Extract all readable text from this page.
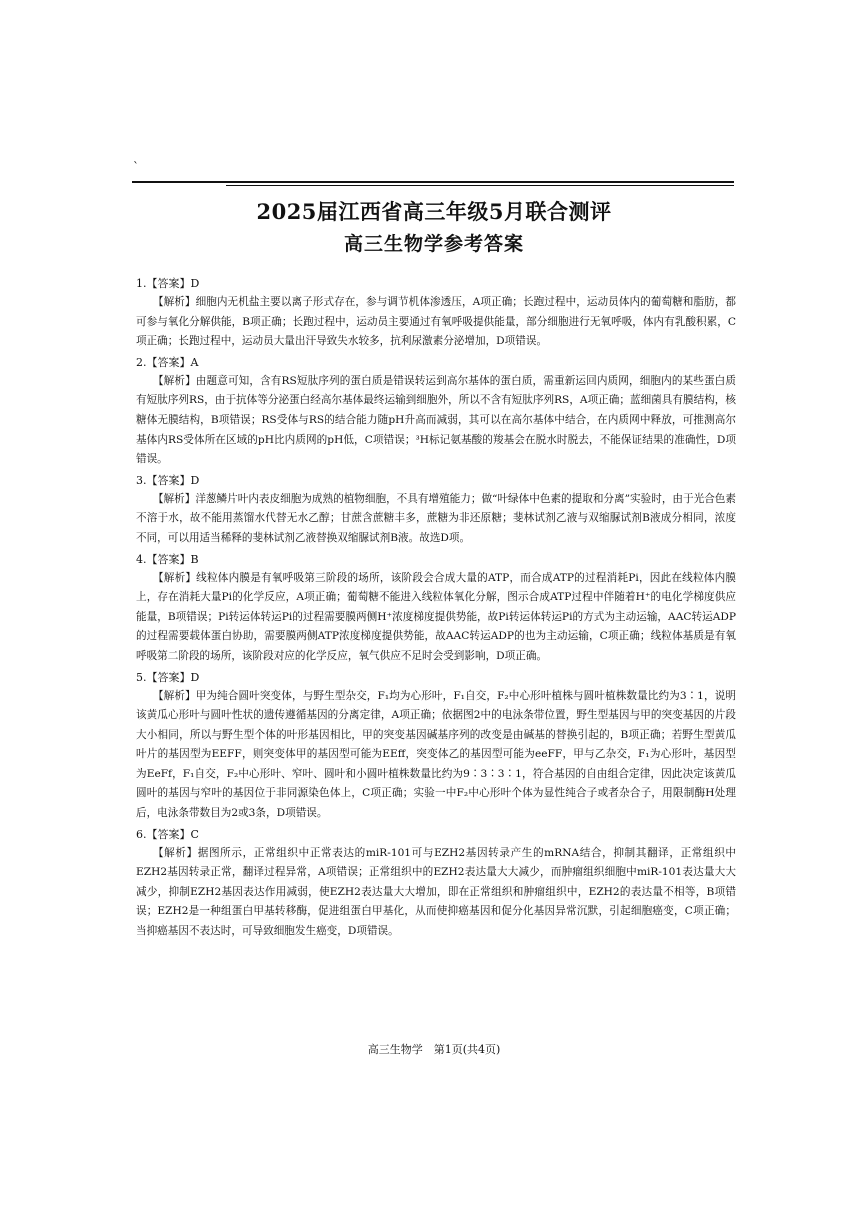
`
2025届江西省高三年级5月联合测评
高三生物学参考答案
1.【答案】D

【解析】细胞内无机盐主要以离子形式存在，参与调节机体渗透压，A项正确；长跑过程中，运动员体内的葡萄糖和脂肪，都可参与氧化分解供能，B项正确；长跑过程中，运动员主要通过有氧呼吸提供能量，部分细胞进行无氧呼吸，体内有乳酸积累，C项正确；长跑过程中，运动员大量出汗导致失水较多，抗利尿激素分泌增加，D项错误。

2.【答案】A

【解析】由题意可知，含有RS短肽序列的蛋白质是错误转运到高尔基体的蛋白质，需重新运回内质网，细胞内的某些蛋白质有短肽序列RS，由于抗体等分泌蛋白经高尔基体最终运输到细胞外，所以不含有短肽序列RS，A项正确；蓝细菌具有膜结构，核糖体无膜结构，B项错误；RS受体与RS的结合能力随pH升高而减弱，其可以在高尔基体中结合，在内质网中释放，可推测高尔基体内RS受体所在区域的pH比内质网的pH低，C项错误；³H标记氨基酸的羧基会在脱水时脱去，不能保证结果的准确性，D项错误。

3.【答案】D

【解析】洋葱鳞片叶内表皮细胞为成熟的植物细胞，不具有增殖能力；做“叶绿体中色素的提取和分离”实验时，由于光合色素不溶于水，故不能用蒸馏水代替无水乙醇；甘蔗含蔗糖丰多，蔗糖为非还原糖；斐林试剂乙液与双缩脲试剂B液成分相同，浓度不同，可以用适当稀释的斐林试剂乙液替换双缩脲试剂B液。故选D项。

4.【答案】B

【解析】线粒体内膜是有氧呼吸第三阶段的场所，该阶段会合成大量的ATP，而合成ATP的过程消耗Pi，因此在线粒体内膜上，存在消耗大量Pi的化学反应，A项正确；葡萄糖不能进入线粒体氧化分解，图示合成ATP过程中伴随着H⁺的电化学梯度供应能量，B项错误；Pi转运体转运Pi的过程需要膜两侧H⁺浓度梯度提供势能，故Pi转运体转运Pi的方式为主动运输，AAC转运ADP的过程需要载体蛋白协助，需要膜两侧ATP浓度梯度提供势能，故AAC转运ADP的也为主动运输，C项正确；线粒体基质是有氧呼吸第二阶段的场所，该阶段对应的化学反应，氧气供应不足时会受到影响，D项正确。

5.【答案】D

【解析】甲为纯合圆叶突变体，与野生型杂交，F₁均为心形叶，F₁自交，F₂中心形叶植株与圆叶植株数量比约为3∶1，说明该黄瓜心形叶与圆叶性状的遗传遵循基因的分离定律，A项正确；依据图2中的电泳条带位置，野生型基因与甲的突变基因的片段大小相同，所以与野生型个体的叶形基因相比，甲的突变基因碱基序列的改变是由碱基的替换引起的，B项正确；若野生型黄瓜叶片的基因型为EEFF，则突变体甲的基因型可能为EEff，突变体乙的基因型可能为eeFF，甲与乙杂交，F₁为心形叶，基因型为EeFf，F₁自交，F₂中心形叶、窄叶、圆叶和小圆叶植株数量比约为9∶3∶3∶1，符合基因的自由组合定律，因此决定该黄瓜圆叶的基因与窄叶的基因位于非同源染色体上，C项正确；实验一中F₂中心形叶个体为显性纯合子或者杂合子，用限制酶H处理后，电泳条带数目为2或3条，D项错误。

6.【答案】C

【解析】据图所示，正常组织中正常表达的miR-101可与EZH2基因转录产生的mRNA结合，抑制其翻译，正常组织中EZH2基因转录正常，翻译过程异常，A项错误；正常组织中的EZH2表达量大大减少，而肿瘤组织细胞中miR-101表达量大大减少，抑制EZH2基因表达作用减弱，使EZH2表达量大大增加，即在正常组织和肿瘤组织中，EZH2的表达量不相等，B项错误；EZH2是一种组蛋白甲基转移酶，促进组蛋白甲基化，从而使抑癌基因和促分化基因异常沉默，引起细胞癌变，C项正确；当抑癌基因不表达时，可导致细胞发生癌变，D项错误。

高三生物学　第1页(共4页)
